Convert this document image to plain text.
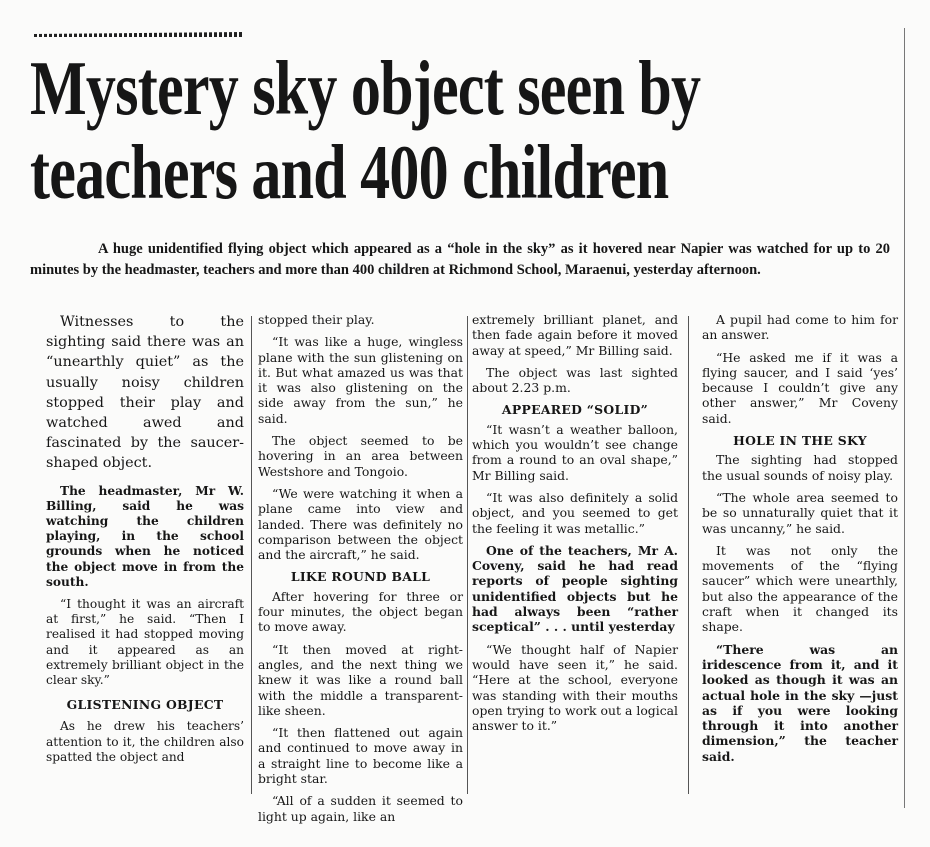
Mystery sky object seen by
teachers and 400 children
A huge unidentified flying object which appeared as a “hole in the sky” as it hovered near Napier was watched for up to 20 minutes by the headmaster, teachers and more than 400 children at Richmond School, Maraenui, yesterday afternoon.

Witnesses to the sighting said there was an “unearthly quiet” as the usually noisy children stopped their play and watched awed and fascinated by the saucer-shaped object.

The headmaster, Mr W. Billing, said he was watching the children playing, in the school grounds when he noticed the object move in from the south.

“I thought it was an aircraft at first,” he said. “Then I realised it had stopped moving and it appeared as an extremely brilliant object in the clear sky.”

GLISTENING OBJECT

As he drew his teachers’ attention to it, the children also spatted the object and

stopped their play.

“It was like a huge, wingless plane with the sun glistening on it. But what amazed us was that it was also glistening on the side away from the sun,” he said.

The object seemed to be hovering in an area between Westshore and Tongoio.

“We were watching it when a plane came into view and landed. There was definitely no comparison between the object and the aircraft,” he said.

LIKE ROUND BALL

After hovering for three or four minutes, the object began to move away.

“It then moved at right-angles, and the next thing we knew it was like a round ball with the middle a transparent-like sheen.

“It then flattened out again and continued to move away in a straight line to become like a bright star.

“All of a sudden it seemed to light up again, like an

extremely brilliant planet, and then fade again before it moved away at speed,” Mr Billing said.

The object was last sighted about 2.23 p.m.

APPEARED “SOLID”

“It wasn’t a weather balloon, which you wouldn’t see change from a round to an oval shape,” Mr Billing said.

“It was also definitely a solid object, and you seemed to get the feeling it was metallic.”

One of the teachers, Mr A. Coveny, said he had read reports of people sighting unidentified objects but he had always been “rather sceptical” . . . until yesterday

“We thought half of Napier would have seen it,” he said. “Here at the school, everyone was standing with their mouths open trying to work out a logical answer to it.”

A pupil had come to him for an answer.

“He asked me if it was a flying saucer, and I said ‘yes’ because I couldn’t give any other answer,” Mr Coveny said.

HOLE IN THE SKY

The sighting had stopped the usual sounds of noisy play.

“The whole area seemed to be so unnaturally quiet that it was uncanny,” he said.

It was not only the movements of the “flying saucer” which were unearthly, but also the appearance of the craft when it changed its shape.

“There was an iridescence from it, and it looked as though it was an actual hole in the sky —just as if you were looking through it into another dimension,” the teacher said.
